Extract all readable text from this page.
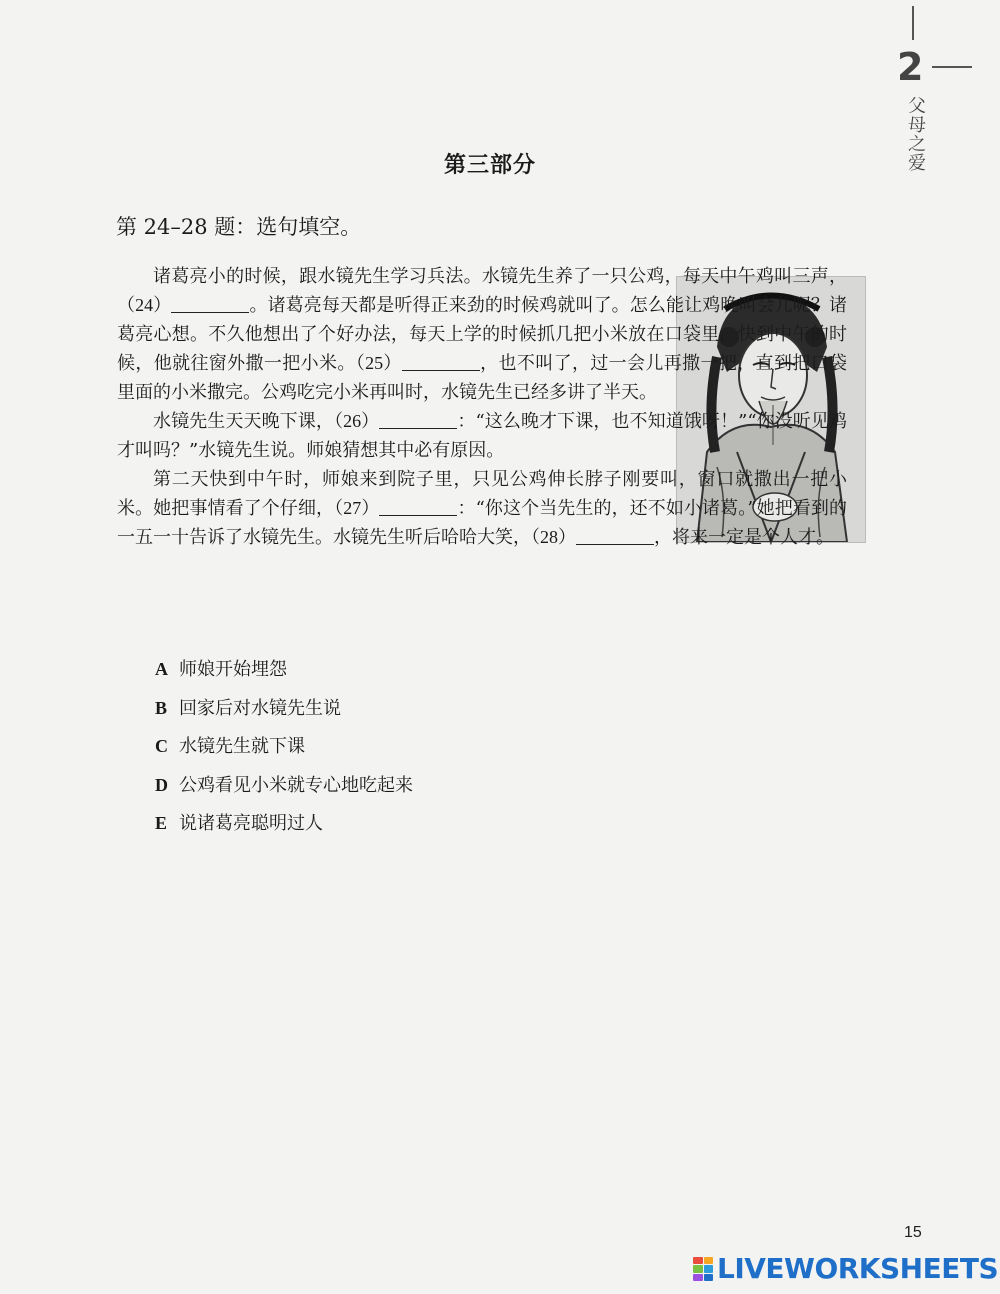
2
父母之爱
第三部分
第 24–28 题：选句填空。

诸葛亮小的时候，跟水镜先生学习兵法。水镜先生养了一只公鸡，每天中午鸡叫三声，（24）	。诸葛亮每天都是听得正来劲的时候鸡就叫了。怎么能让鸡晚叫会儿呢？诸葛亮心想。不久他想出了个好办法，每天上学的时候抓几把小米放在口袋里，快到中午的时候，他就往窗外撒一把小米。（25）	，也不叫了，过一会儿再撒一把，直到把口袋里面的小米撒完。公鸡吃完小米再叫时，水镜先生已经多讲了半天。

水镜先生天天晚下课，（26）	：“这么晚才下课，也不知道饿呀！”“你没听见鸡才叫吗？”水镜先生说。师娘猜想其中必有原因。

第二天快到中午时，师娘来到院子里，只见公鸡伸长脖子刚要叫，窗口就撒出一把小米。她把事情看了个仔细，（27）	：“你这个当先生的，还不如小诸葛。”她把看到的一五一十告诉了水镜先生。水镜先生听后哈哈大笑，（28）	，将来一定是个人才。

A 师娘开始埋怨
B 回家后对水镜先生说
C 水镜先生就下课
D 公鸡看见小米就专心地吃起来
E 说诸葛亮聪明过人
15
LIVEWORKSHEETS
